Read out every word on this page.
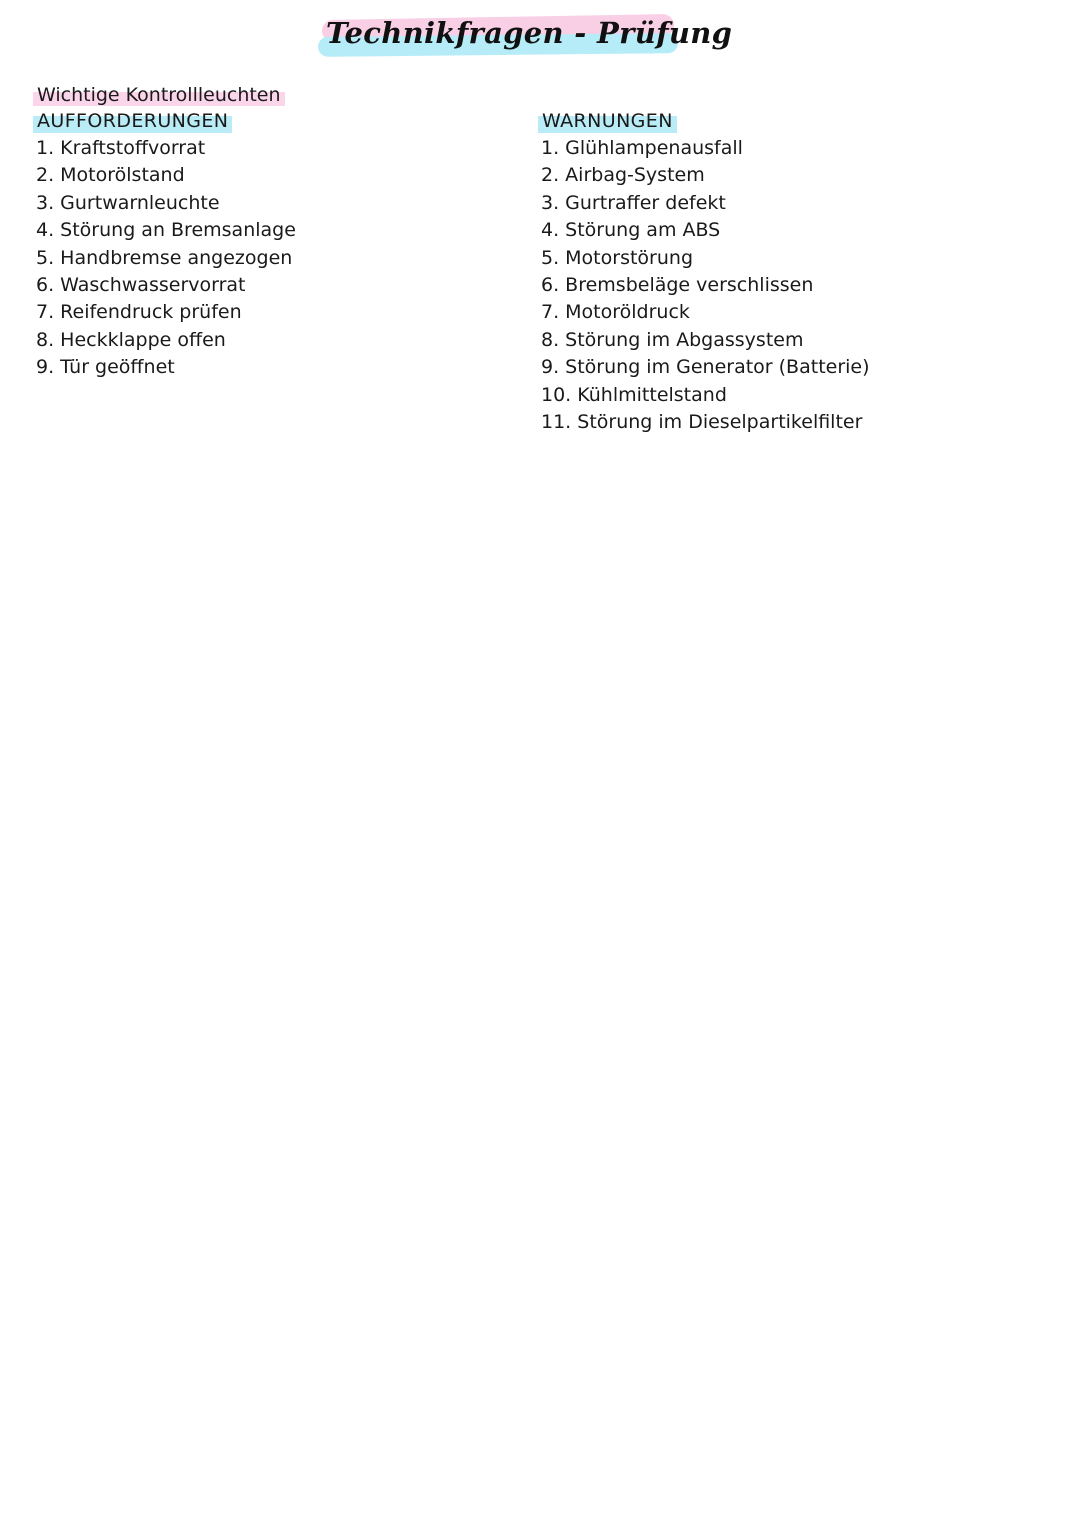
Technikfragen - Prüfung
Wichtige Kontrollleuchten
AUFFORDERUNGEN
1. Kraftstoffvorrat
2. Motorölstand
3. Gurtwarnleuchte
4. Störung an Bremsanlage
5. Handbremse angezogen
6. Waschwasservorrat
7. Reifendruck prüfen
8. Heckklappe offen
9. Tür geöffnet
WARNUNGEN
1. Glühlampenausfall
2. Airbag-System
3. Gurtraffer defekt
4. Störung am ABS
5. Motorstörung
6. Bremsbeläge verschlissen
7. Motoröldruck
8. Störung im Abgassystem
9. Störung im Generator (Batterie)
10. Kühlmittelstand
11. Störung im Dieselpartikelfilter
